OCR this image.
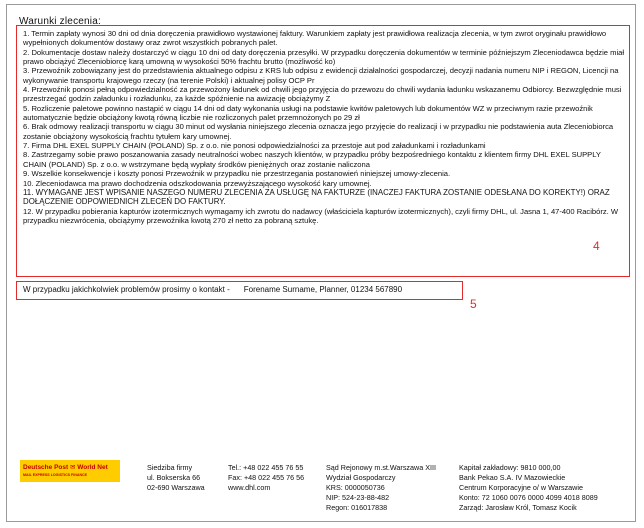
Warunki zlecenia:
1. Termin zapłaty wynosi 30 dni od dnia doręczenia prawidłowo wystawionej faktury. Warunkiem zapłaty jest prawidłowa realizacja zlecenia, w tym zwrot oryginału prawidłowo wypełnionych dokumentów dostawy oraz zwrot wszystkich pobranych palet.
2. Dokumentacje dostaw należy dostarczyć w ciągu 10 dni od daty doręczenia przesyłki. W przypadku doręczenia dokumentów w terminie późniejszym Zleceniodawca będzie miał prawo obciążyć Zleceniobiorcę karą umowną w wysokości 50% frachtu brutto (możliwość ko)
3. Przewoźnik zobowiązany jest do przedstawienia aktualnego odpisu z KRS lub odpisu z ewidencji działalności gospodarczej, decyzji nadania numeru NIP i REGON, Licencji na wykonywanie transportu krajowego rzeczy (na terenie Polski) i aktualnej polisy OCP Pr
4. Przewoźnik ponosi pełną odpowiedzialność za przewożony ładunek od chwili jego przyjęcia do przewozu do chwili wydania ładunku wskazanemu Odbiorcy. Bezwzględnie musi przestrzegać godzin załadunku i rozładunku, za każde spóźnienie na awizację obciążymy Z
5. Rozliczenie paletowe powinno nastąpić w ciągu 14 dni od daty wykonania usługi na podstawie kwitów paletowych lub dokumentów WZ w przeciwnym razie przewoźnik automatycznie będzie obciążony kwotą równą liczbie nie rozliczonych palet przemnożonych po 29 zł
6. Brak odmowy realizacji transportu w ciągu 30 minut od wysłania niniejszego zlecenia oznacza jego przyjęcie do realizacji i w przypadku nie podstawienia auta Zleceniobiorca zostanie obciążony wysokością frachtu tytułem kary umownej.
7. Firma DHL EXEL SUPPLY CHAIN (POLAND) Sp. z o.o. nie ponosi odpowiedzialności za przestoje aut pod załadunkami i rozładunkami
8. Zastrzegamy sobie prawo poszanowania zasady neutralności wobec naszych klientów, w przypadku próby bezpośredniego kontaktu z klientem firmy DHL EXEL SUPPLY CHAIN (POLAND) Sp. z o.o. w wstrzymane będą wypłaty środków pieniężnych oraz zostanie naliczona
9. Wszelkie konsekwencje i koszty ponosi Przewoźnik w przypadku nie przestrzegania postanowień niniejszej umowy-zlecenia.
10. Zleceniodawca ma prawo dochodzenia odszkodowania przewyższającego wysokość kary umownej.
11. WYMAGANE JEST WPISANIE NASZEGO NUMERU ZLECENIA ZA USŁUGĘ NA FAKTURZE (INACZEJ FAKTURA ZOSTANIE ODESŁANA DO KOREKTY!) ORAZ DOŁĄCZENIE ODPOWIEDNICH ZLECEŃ DO FAKTURY.
12. W przypadku pobierania kapturów izotermicznych wymagamy ich zwrotu do nadawcy (właściciela kapturów izotermicznych), czyli firmy DHL, ul. Jasna 1, 47-400 Racibórz. W przypadku niezwrócenia, obciążymy przewoźnika kwotą 270 zł netto za pobraną sztukę.
4
W przypadku jakichkolwiek problemów prosimy o kontakt - Forename Surname, Planner, 01234 567890
5
Deutsche Post ✉ World Net
MAIL EXPRESS LOGISTICS FINANCE
Siedziba firmy
ul. Bokserska 66
02-690 Warszawa
Tel.: +48 022 455 76 55
Fax: +48 022 455 76 56
www.dhl.com
Sąd Rejonowy m.st.Warszawa XIII
Wydział Gospodarczy
KRS: 0000050736
NIP: 524-23-88-482
Regon: 016017838
Kapitał zakładowy: 9810 000,00
Bank Pekao S.A. IV Mazowieckie
Centrum Korporacyjne o/ w Warszawie
Konto: 72 1060 0076 0000 4099 4018 8089
Zarząd: Jarosław Król, Tomasz Kocik
